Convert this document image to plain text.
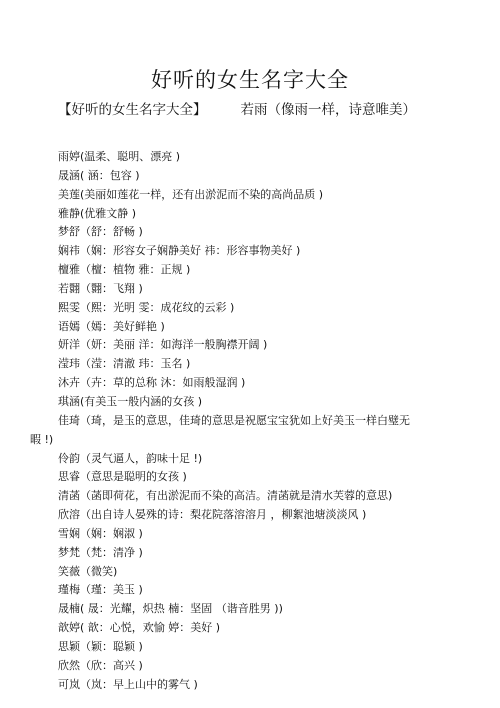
好听的女生名字大全
【好听的女生名字大全】	若雨（像雨一样，诗意唯美）
雨婷(温柔、聪明、漂亮 )
晟涵( 涵：包容 )
美莲(美丽如莲花一样，还有出淤泥而不染的高尚品质 )
雅静(优雅文静 )
梦舒（舒：舒畅 )
娴祎（娴：形容女子娴静美好 祎：形容事物美好 )
檀雅（檀：植物 雅：正规 )
若翾（翾：飞翔 )
熙雯（熙：光明 雯：成花纹的云彩 )
语嫣（嫣：美好鲜艳 )
妍洋（妍：美丽 洋：如海洋一般胸襟开阔 )
滢玮（滢：清澈 玮：玉名 )
沐卉（卉：草的总称 沐：如雨般湿润 )
琪涵(有美玉一般内涵的女孩 )
佳琦（琦，是玉的意思，佳琦的意思是祝愿宝宝犹如上好美玉一样白璧无暇 !)
伶韵（灵气逼人，韵味十足 !)
思睿（意思是聪明的女孩 )
清菡（菡即荷花，有出淤泥而不染的高洁。清菡就是清水芙蓉的意思)
欣溶（出自诗人晏殊的诗：梨花院落溶溶月 ，柳絮池塘淡淡风 )
雪娴（娴：娴淑 )
梦梵（梵：清净 )
笑薇（微笑)
瑾梅（瑾：美玉 )
晟楠( 晟：光耀，炽热 楠：坚固 （谐音胜男 ))
歆婷( 歆：心悦，欢愉 婷：美好 )
思颖（颖：聪颖 )
欣然（欣：高兴 )
可岚（岚：早上山中的雾气 )
